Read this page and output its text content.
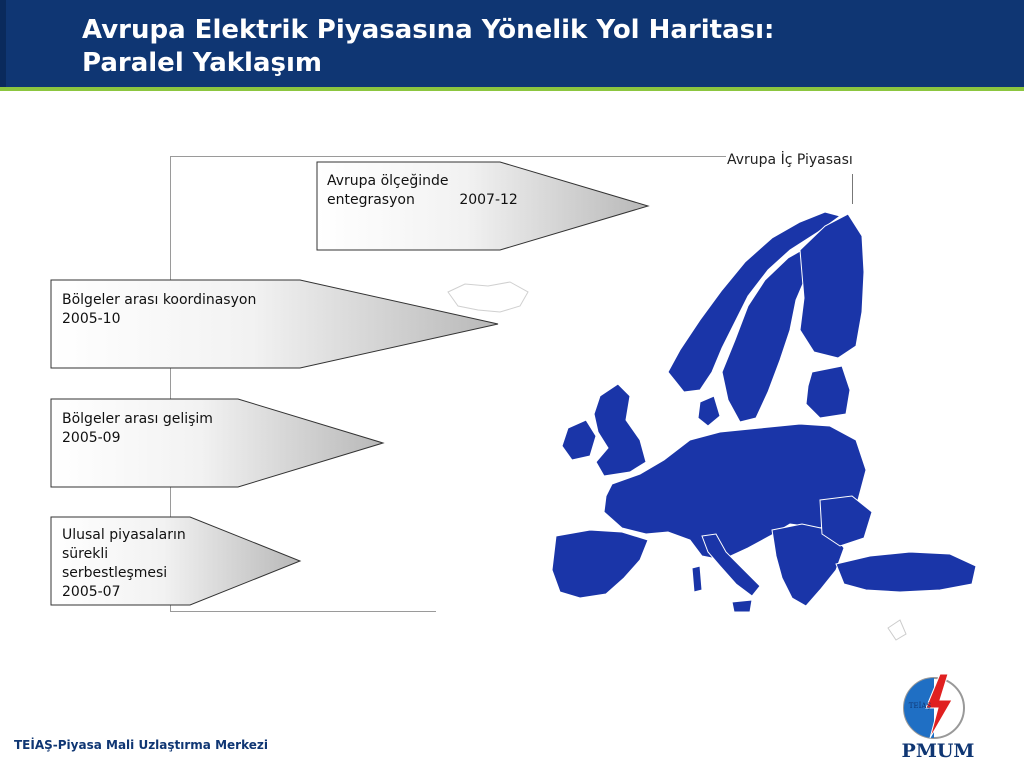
Avrupa Elektrik Piyasasına Yönelik Yol Haritası:
Paralel Yaklaşım
Avrupa İç Piyasası
Avrupa ölçeğinde
entegrasyon          2007-12
Bölgeler arası koordinasyon
2005-10
Bölgeler arası gelişim
2005-09
Ulusal piyasaların
sürekli
serbestleşmesi
2005-07
TEİAŞ-Piyasa Mali Uzlaştırma Merkezi
TEİAŞ
PMUM
